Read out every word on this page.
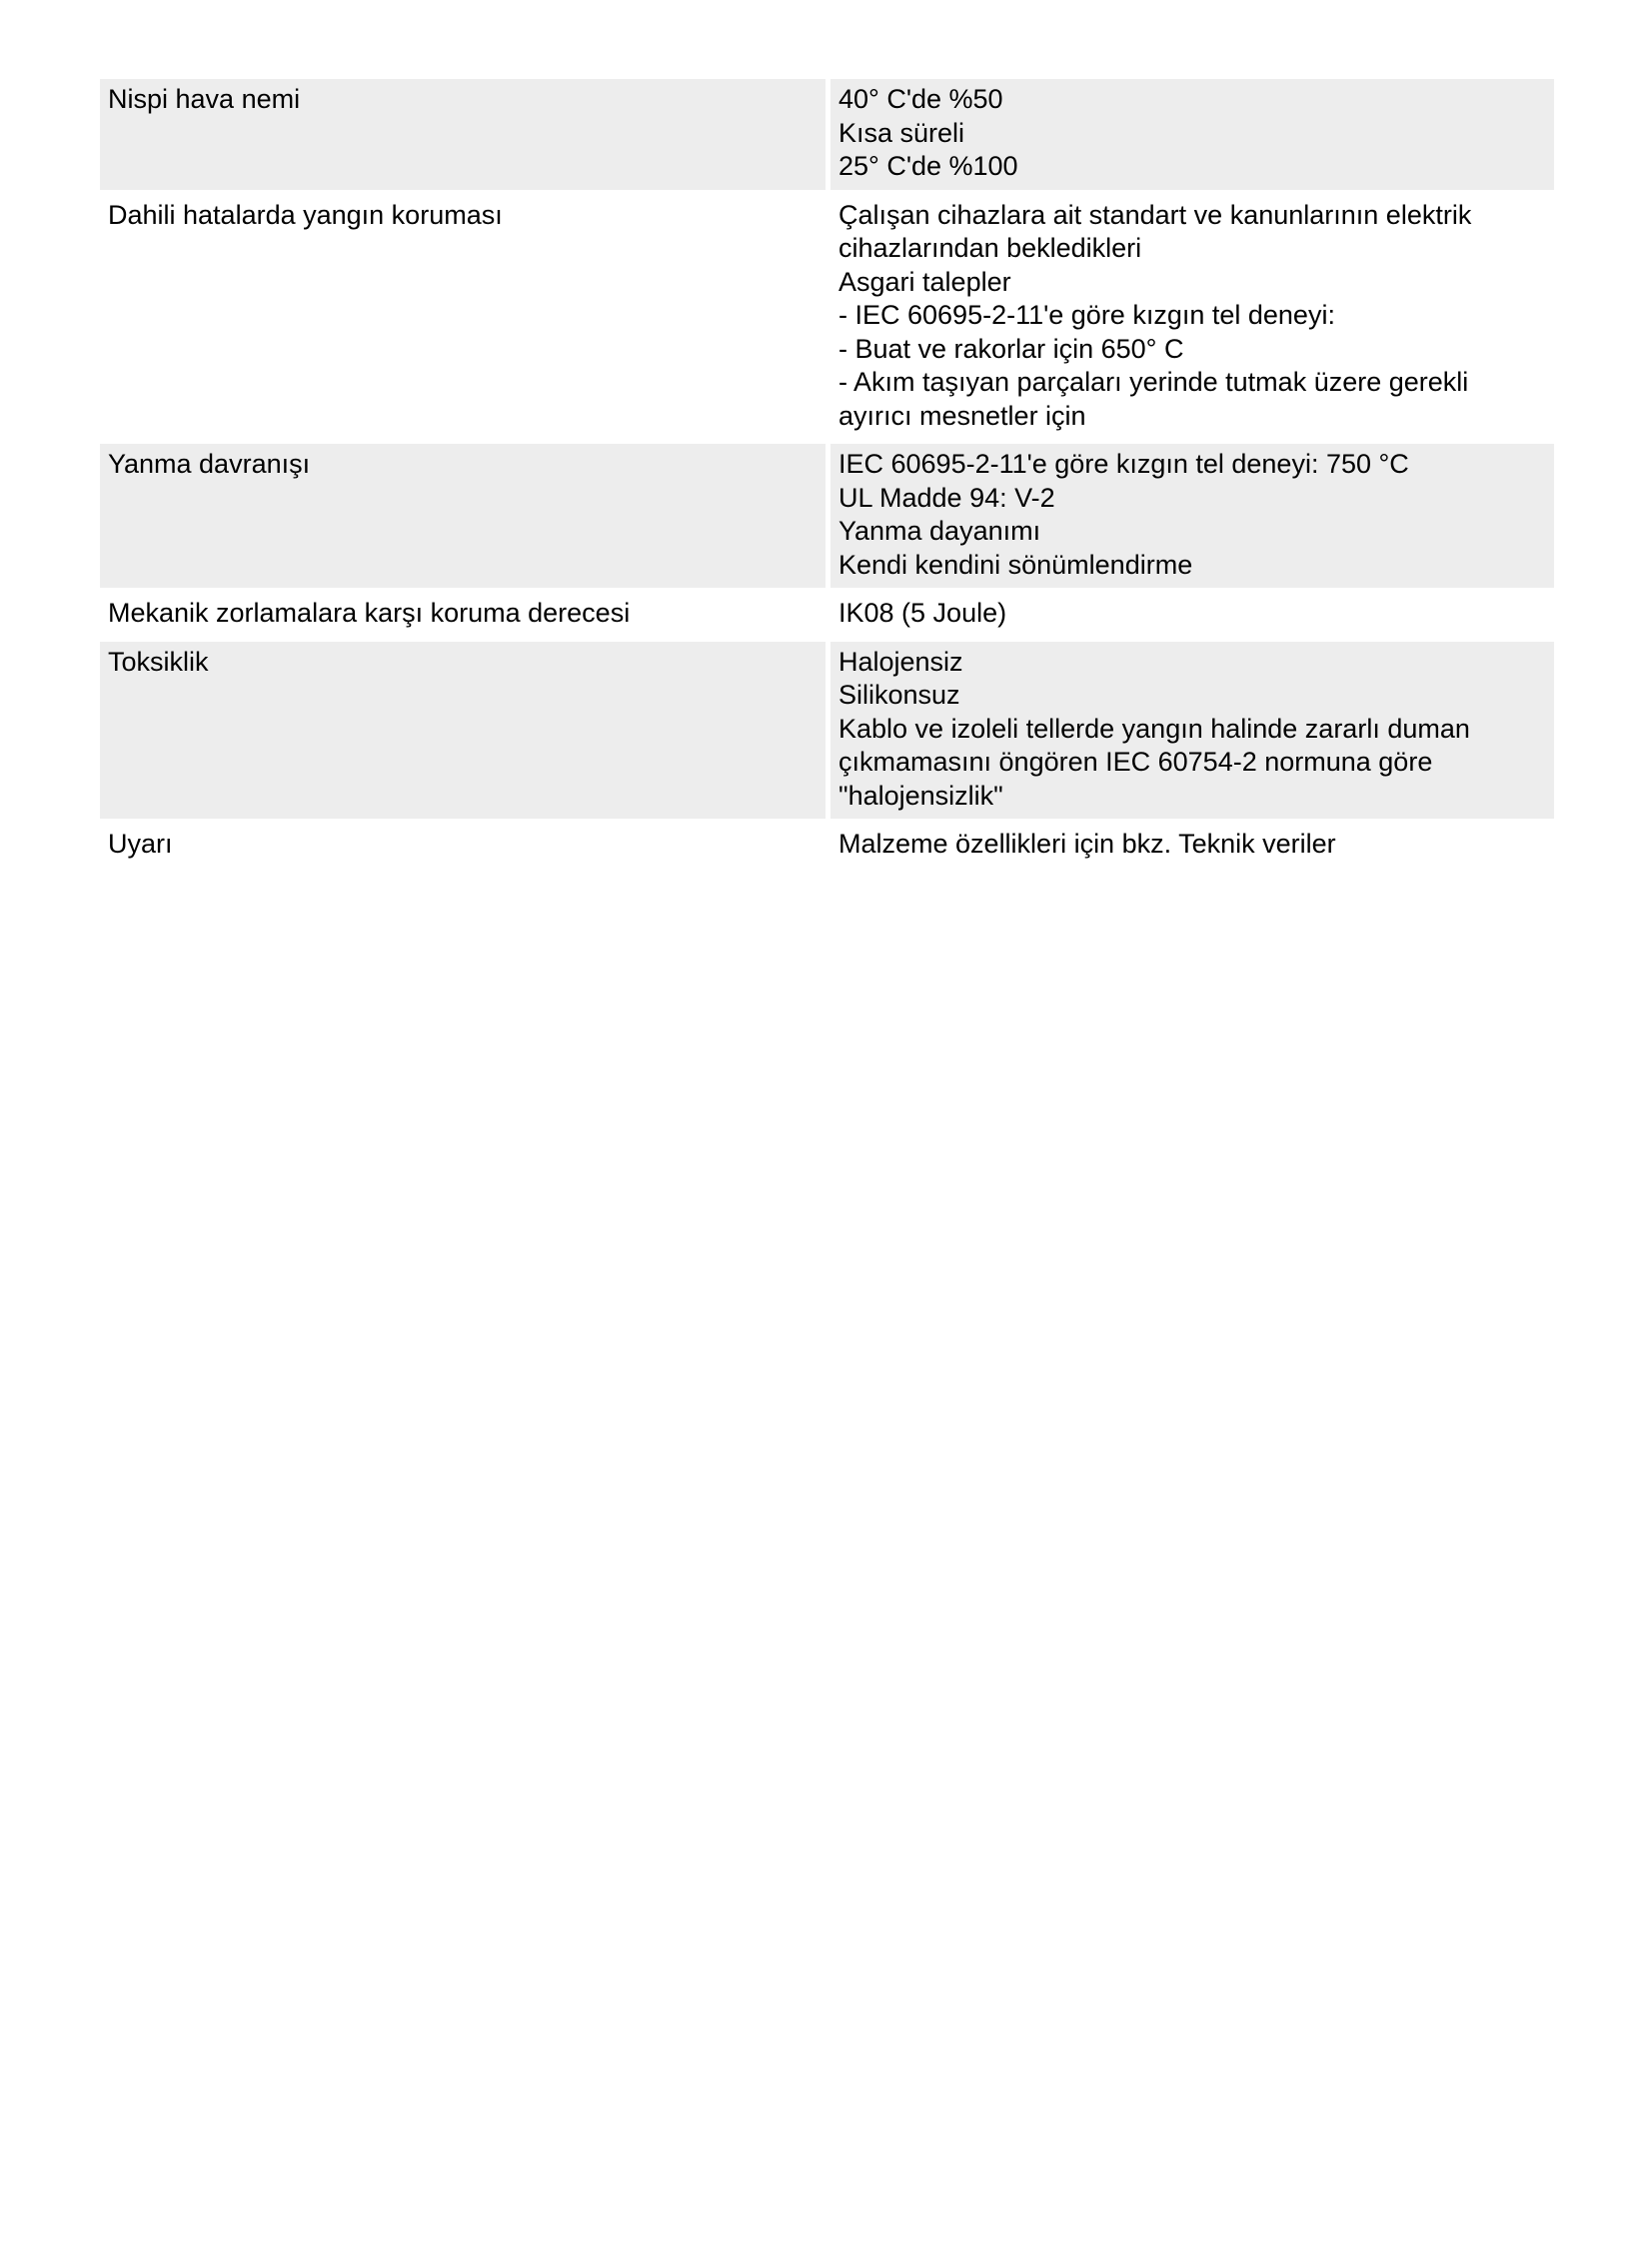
Nispi hava nemi	40° C'de %50
Kısa süreli
25° C'de %100
Dahili hatalarda yangın koruması	Çalışan cihazlara ait standart ve kanunlarının elektrik
cihazlarından bekledikleri
Asgari talepler
- IEC 60695-2-11'e göre kızgın tel deneyi:
- Buat ve rakorlar için 650° C
- Akım taşıyan parçaları yerinde tutmak üzere gerekli
ayırıcı mesnetler için
Yanma davranışı	IEC 60695-2-11'e göre kızgın tel deneyi: 750 °C
UL Madde 94: V-2
Yanma dayanımı
Kendi kendini sönümlendirme
Mekanik zorlamalara karşı koruma derecesi	IK08 (5 Joule)
Toksiklik	Halojensiz
Silikonsuz
Kablo ve izoleli tellerde yangın halinde zararlı duman
çıkmamasını öngören IEC 60754-2 normuna göre
"halojensizlik"
Uyarı	Malzeme özellikleri için bkz. Teknik veriler
